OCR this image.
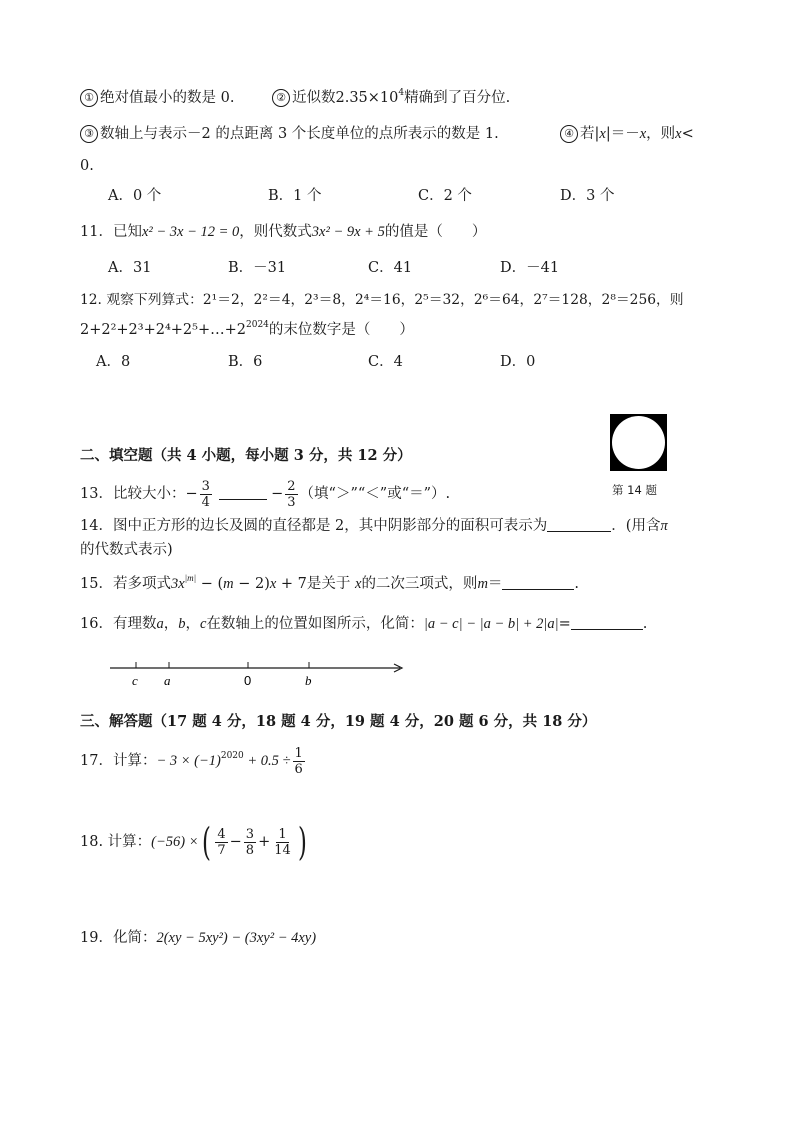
① 绝对值最小的数是 0.	② 近似数$2.35\times 10^4$精确到了百分位.
③ 数轴上与表示－2 的点距离 3 个长度单位的点所表示的数是 1.	④ 若|x|＝－x，则x<
0.
A．0 个	B．1 个	C．2 个	D．3 个
11．已知x² − 3x − 12 = 0，则代数式3x² − 9x + 5的值是（　　）
A．31	B．－31	C．41	D．－41
12. 观察下列算式：2¹＝2，2²＝4，2³＝8，2⁴＝16，2⁵＝32，2⁶＝64，2⁷＝128，2⁸＝256，则
$2+2^2+2^3+2^4+2^5+\dots+2^{2024}$的末位数字是（　　）
A．8	B．6	C．4	D．0
二、填空题（共 4 小题，每小题 3 分，共 12 分）
第 14 题
13．比较大小：− $\frac{3}{4}$	− $\frac{2}{3}$ （填“＞”“＜”或“＝”）.
14．图中正方形的边长及圆的直径都是 2，其中阴影部分的面积可表示为	．(用含π
的代数式表示)
15．若多项式$3x^{|m|} - (m - 2)x + 7$是关于 x的二次三项式，则m＝	.
16．有理数a，b，c在数轴上的位置如图所示，化简：|a − c| − |a − b| + 2|a|=	.
c a	0	b
三、解答题（17 题 4 分，18 题 4 分，19 题 4 分，20 题 6 分，共 18 分）
17．计算：− $3 \times (-1)^{2020} + 0.5 \div \frac{1}{6}$
18. 计算：(−56) ×( $\frac{4}{7} - \frac{3}{8} + \frac{1}{14}$ )
19．化简：2(xy − 5xy²) − (3xy² − 4xy)
